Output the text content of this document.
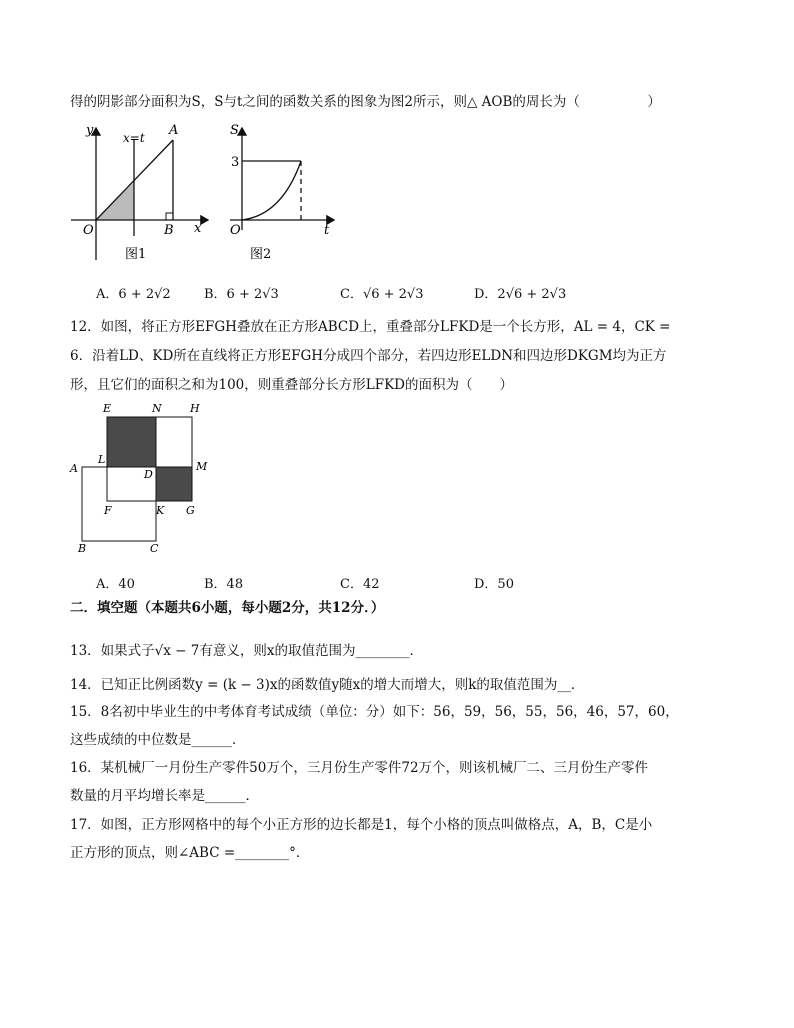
得的阴影部分面积为S，S与t之间的函数关系的图象为图2所示，则△ AOB的周长为（　　　　　）
y x=t A
O	B x
图1
S
3
O	t
图2
A．6 + 2√2	B．6 + 2√3	C．√6 + 2√3	D．2√6 + 2√3
12．如图，将正方形EFGH叠放在正方形ABCD上，重叠部分LFKD是一个长方形，AL = 4，CK =
6．沿着LD、KD所在直线将正方形EFGH分成四个部分，若四边形ELDN和四边形DKGM均为正方
形，且它们的面积之和为100，则重叠部分长方形LFKD的面积为（　　）
E	N	H
A
L
D
M
F	K G
B	C
A．40	B．48	C．42	D．50
二．填空题（本题共6小题，每小题2分，共12分．）
13．如果式子√x − 7有意义，则x的取值范围为________．
14．已知正比例函数y = (k − 3)x的函数值y随x的增大而增大，则k的取值范围为__．
15．8名初中毕业生的中考体育考试成绩（单位：分）如下：56，59，56，55，56，46，57，60，
这些成绩的中位数是______．
16．某机械厂一月份生产零件50万个，三月份生产零件72万个，则该机械厂二、三月份生产零件
数量的月平均增长率是______．
17．如图，正方形网格中的每个小正方形的边长都是1，每个小格的顶点叫做格点，A，B，C是小
正方形的顶点，则∠ABC =________°．
